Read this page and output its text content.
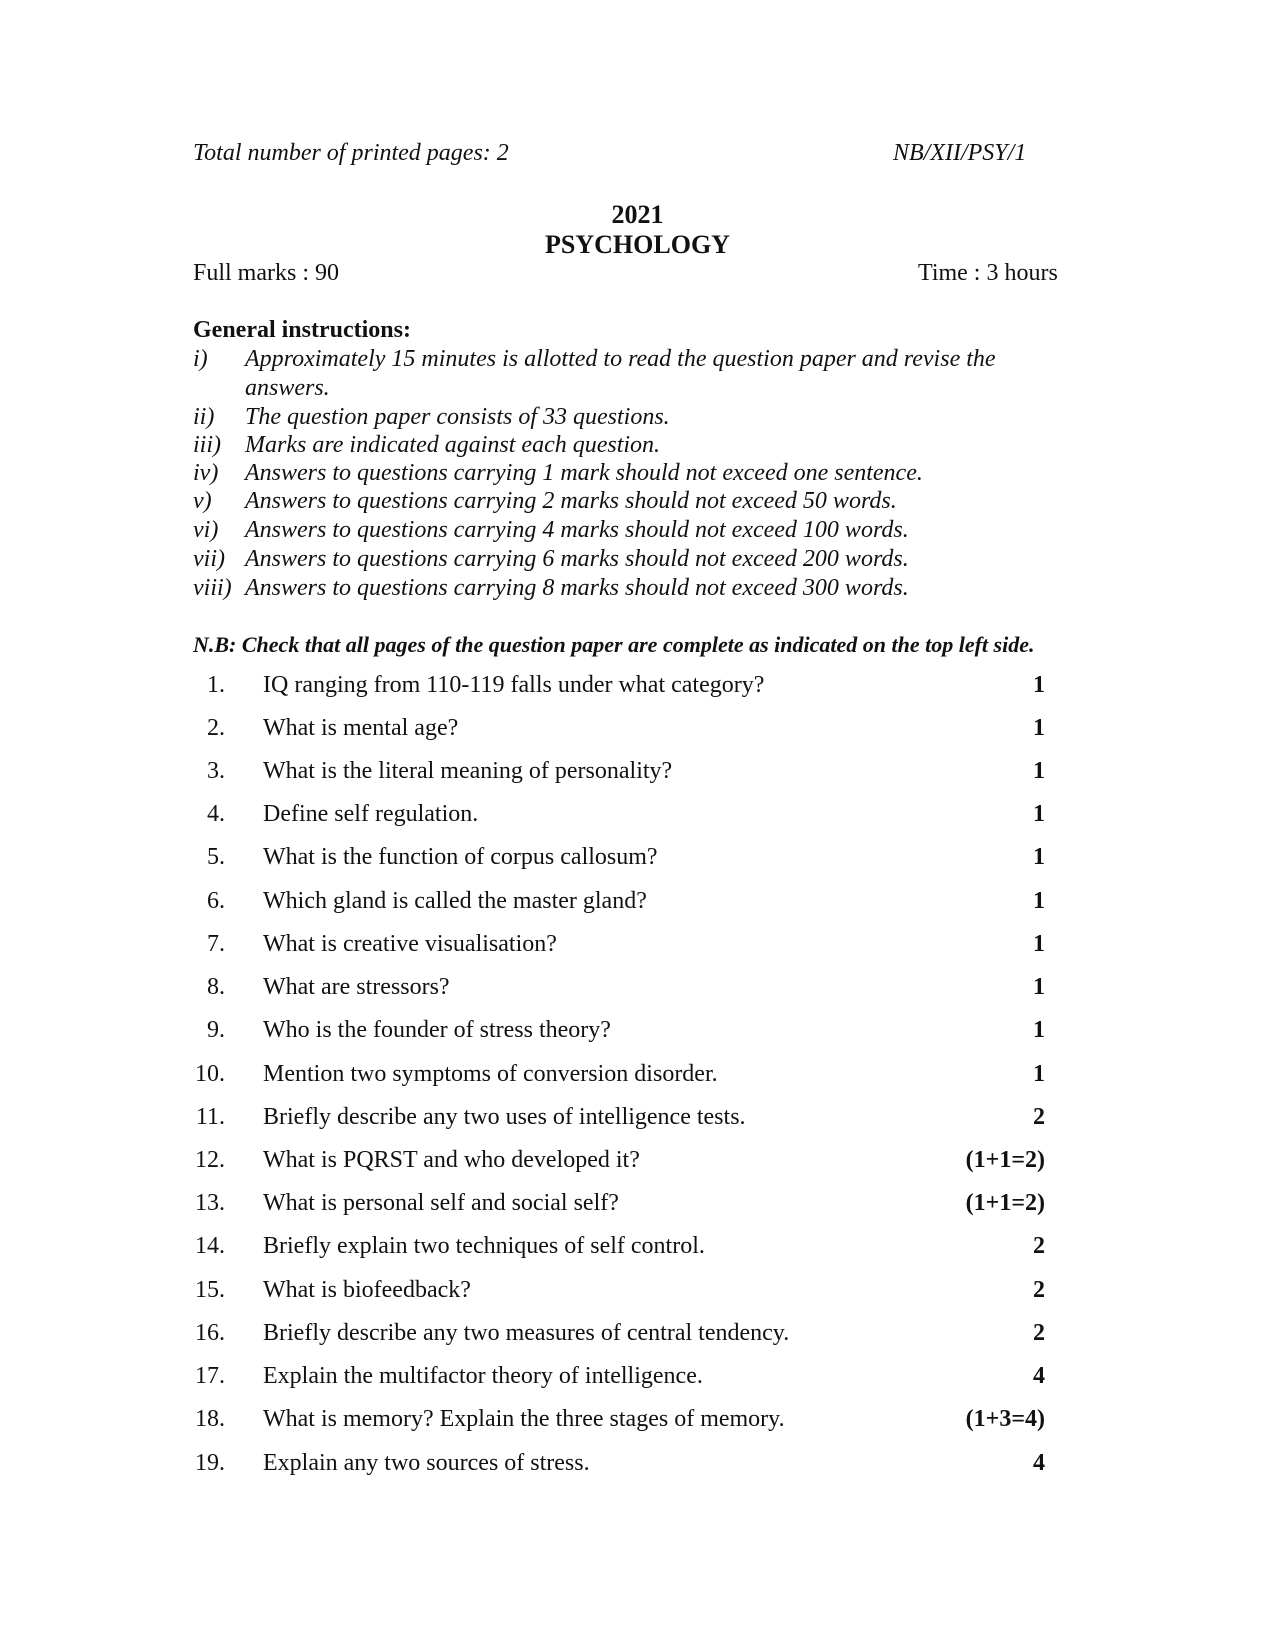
Total number of printed pages: 2	NB/XII/PSY/1
2021
PSYCHOLOGY
Full marks : 90	Time : 3 hours
General instructions:
i) Approximately 15 minutes is allotted to read the question paper and revise the answers.
ii) The question paper consists of 33 questions.
iii) Marks are indicated against each question.
iv) Answers to questions carrying 1 mark should not exceed one sentence.
v) Answers to questions carrying 2 marks should not exceed 50 words.
vi) Answers to questions carrying 4 marks should not exceed 100 words.
vii) Answers to questions carrying 6 marks should not exceed 200 words.
viii) Answers to questions carrying 8 marks should not exceed 300 words.
N.B: Check that all pages of the question paper are complete as indicated on the top left side.
1. IQ ranging from 110-119 falls under what category?	1
2. What is mental age?	1
3. What is the literal meaning of personality?	1
4. Define self regulation.	1
5. What is the function of corpus callosum?	1
6. Which gland is called the master gland?	1
7. What is creative visualisation?	1
8. What are stressors?	1
9. Who is the founder of stress theory?	1
10. Mention two symptoms of conversion disorder.	1
11. Briefly describe any two uses of intelligence tests.	2
12. What is PQRST and who developed it?	(1+1=2)
13. What is personal self and social self?	(1+1=2)
14. Briefly explain two techniques of self control.	2
15. What is biofeedback?	2
16. Briefly describe any two measures of central tendency.	2
17. Explain the multifactor theory of intelligence.	4
18. What is memory? Explain the three stages of memory.	(1+3=4)
19. Explain any two sources of stress.	4
